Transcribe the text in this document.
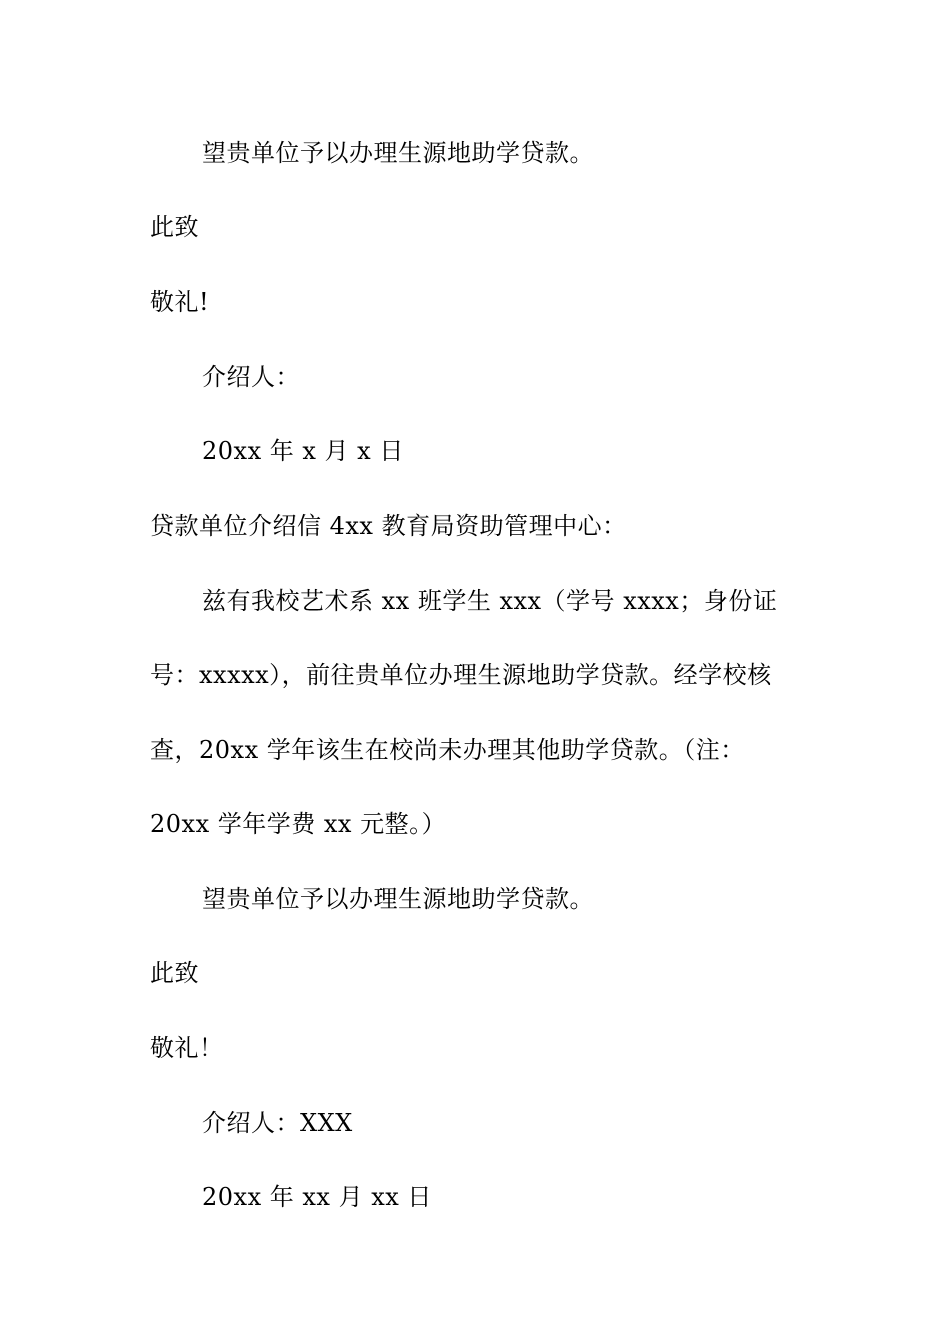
望贵单位予以办理生源地助学贷款。
此致
敬礼!
介绍人：
20xx 年 x 月 x 日
贷款单位介绍信 4xx 教育局资助管理中心：
兹有我校艺术系 xx 班学生 xxx（学号 xxxx；身份证
号：xxxxx），前往贵单位办理生源地助学贷款。经学校核
查，20xx 学年该生在校尚未办理其他助学贷款。（注：
20xx 学年学费 xx 元整。）
望贵单位予以办理生源地助学贷款。
此致
敬礼！
介绍人：XXX
20xx 年 xx 月 xx 日
